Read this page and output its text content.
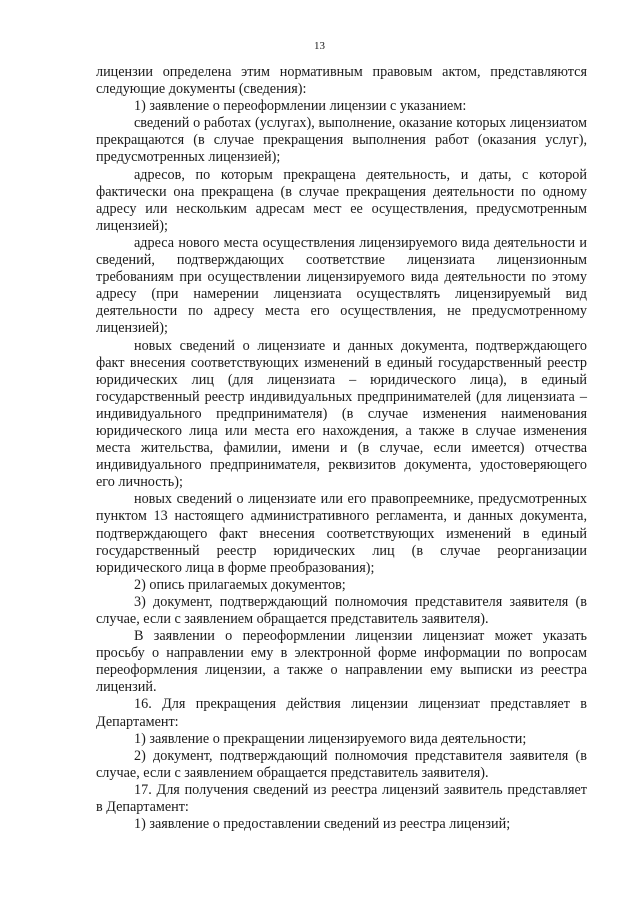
13

лицензии определена этим нормативным правовым актом, представляются следующие документы (сведения):

1) заявление о переоформлении лицензии с указанием:

сведений о работах (услугах), выполнение, оказание которых лицензиатом прекращаются (в случае прекращения выполнения работ (оказания услуг), предусмотренных лицензией);

адресов, по которым прекращена деятельность, и даты, с которой фактически она прекращена (в случае прекращения деятельности по одному адресу или нескольким адресам мест ее осуществления, предусмотренным лицензией);

адреса нового места осуществления лицензируемого вида деятельности и сведений, подтверждающих соответствие лицензиата лицензионным требованиям при осуществлении лицензируемого вида деятельности по этому адресу (при намерении лицензиата осуществлять лицензируемый вид деятельности по адресу места его осуществления, не предусмотренному лицензией);

новых сведений о лицензиате и данных документа, подтверждающего факт внесения соответствующих изменений в единый государственный реестр юридических лиц (для лицензиата – юридического лица), в единый государственный реестр индивидуальных предпринимателей (для лицензиата – индивидуального предпринимателя) (в случае изменения наименования юридического лица или места его нахождения, а также в случае изменения места жительства, фамилии, имени и (в случае, если имеется) отчества индивидуального предпринимателя, реквизитов документа, удостоверяющего его личность);

новых сведений о лицензиате или его правопреемнике, предусмотренных пунктом 13 настоящего административного регламента, и данных документа, подтверждающего факт внесения соответствующих изменений в единый государственный реестр юридических лиц (в случае реорганизации юридического лица в форме преобразования);

2) опись прилагаемых документов;

3) документ, подтверждающий полномочия представителя заявителя (в случае, если с заявлением обращается представитель заявителя).

В заявлении о переоформлении лицензии лицензиат может указать просьбу о направлении ему в электронной форме информации по вопросам переоформления лицензии, а также о направлении ему выписки из реестра лицензий.

16. Для прекращения действия лицензии лицензиат представляет в Департамент:

1) заявление о прекращении лицензируемого вида деятельности;

2) документ, подтверждающий полномочия представителя заявителя (в случае, если с заявлением обращается представитель заявителя).

17. Для получения сведений из реестра лицензий заявитель представляет в Департамент:

1) заявление о предоставлении сведений из реестра лицензий;
